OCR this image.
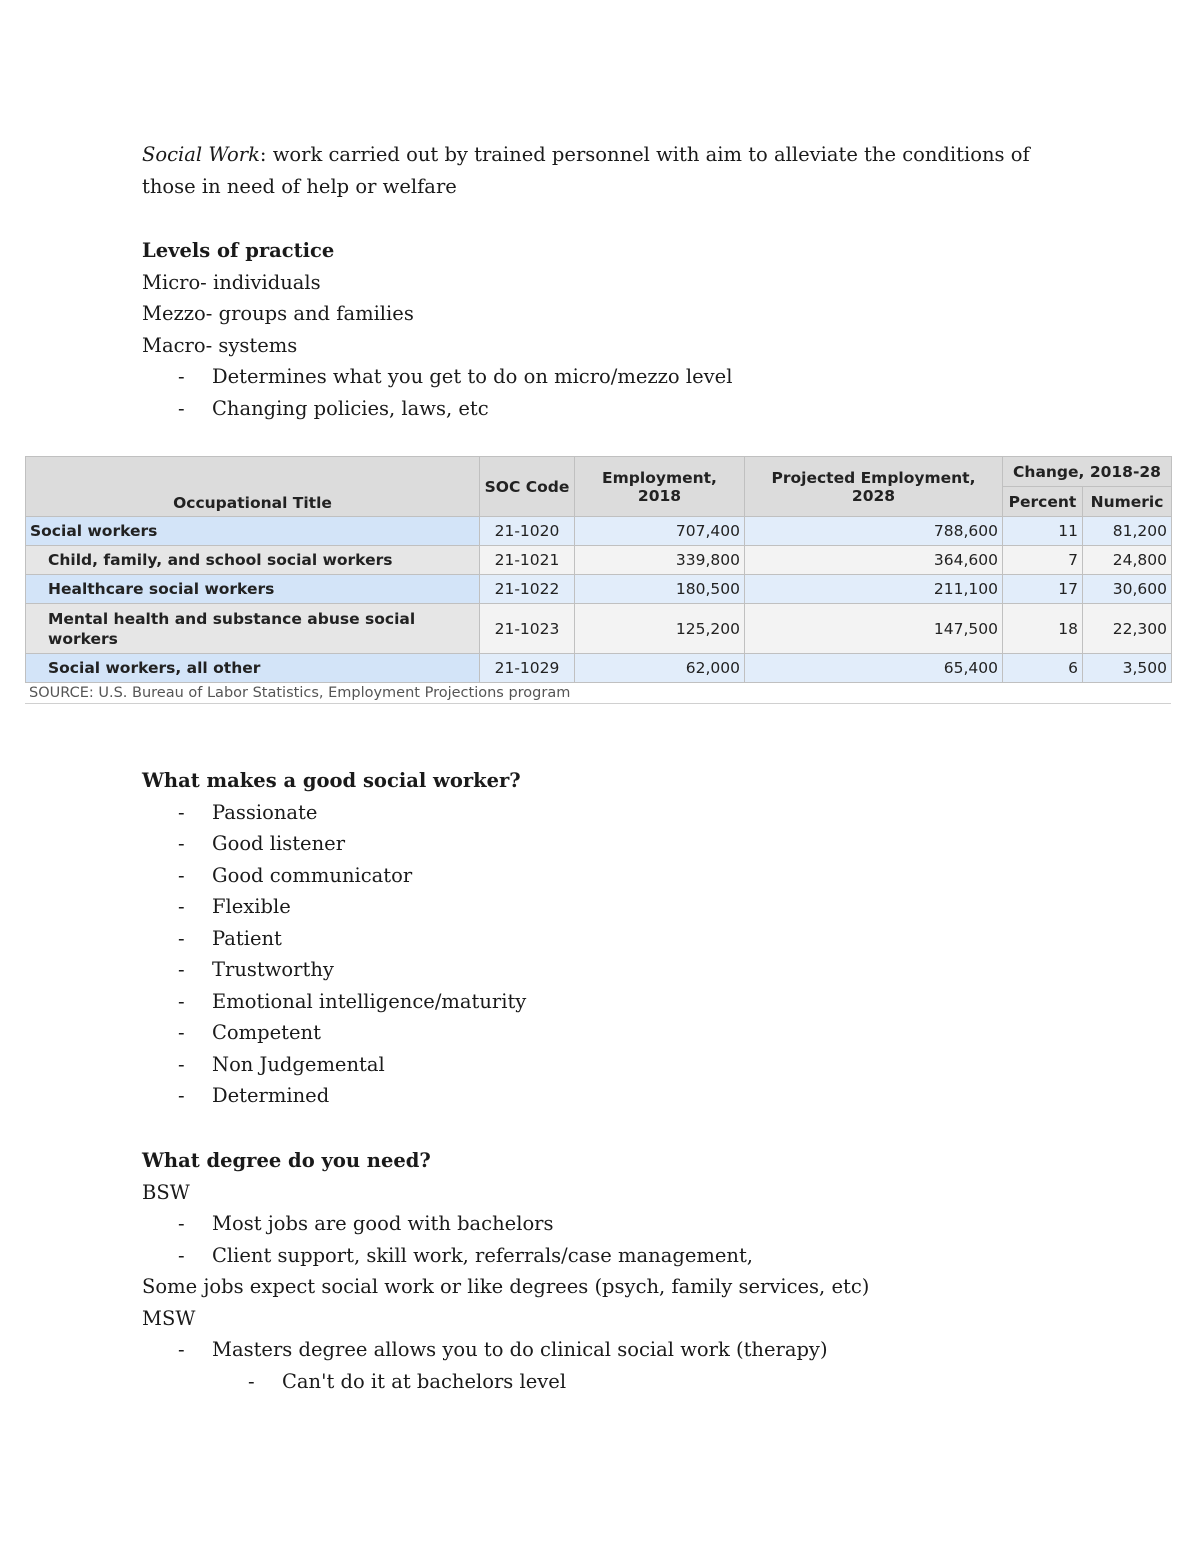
Social Work: work carried out by trained personnel with aim to alleviate the conditions of
those in need of help or welfare
Levels of practice
Micro- individuals
Mezzo- groups and families
Macro- systems
- Determines what you get to do on micro/mezzo level
- Changing policies, laws, etc
Occupational Title	SOC Code	Employment, 2018	Projected Employment, 2028	Change, 2018-28	
				Percent	Numeric
Social workers	21-1020	707,400	788,600	11	81,200
Child, family, and school social workers	21-1021	339,800	364,600	7	24,800
Healthcare social workers	21-1022	180,500	211,100	17	30,600
Mental health and substance abuse social workers	21-1023	125,200	147,500	18	22,300
Social workers, all other	21-1029	62,000	65,400	6	3,500
SOURCE: U.S. Bureau of Labor Statistics, Employment Projections program
What makes a good social worker?
- Passionate
- Good listener
- Good communicator
- Flexible
- Patient
- Trustworthy
- Emotional intelligence/maturity
- Competent
- Non Judgemental
- Determined
What degree do you need?
BSW
- Most jobs are good with bachelors
- Client support, skill work, referrals/case management,
Some jobs expect social work or like degrees (psych, family services, etc)
MSW
- Masters degree allows you to do clinical social work (therapy)
- Can't do it at bachelors level
